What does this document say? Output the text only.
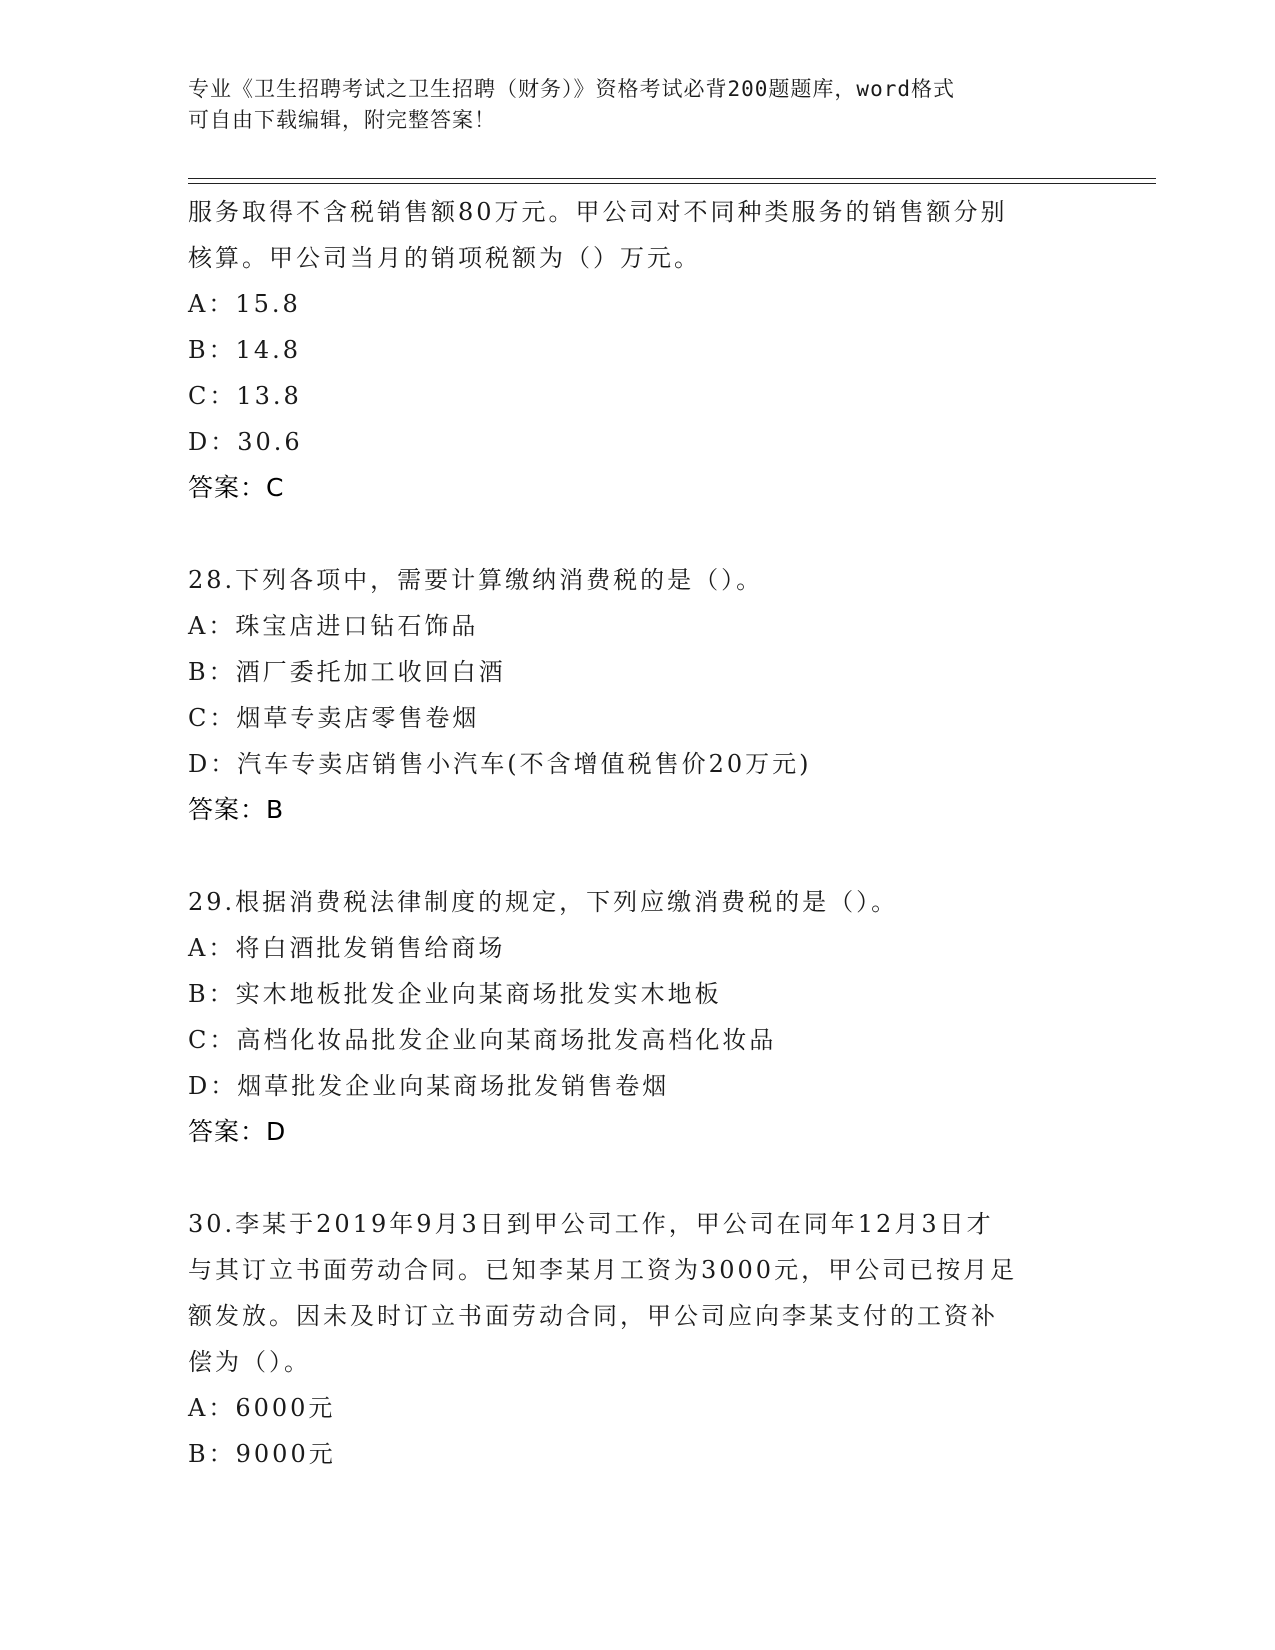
专业《卫生招聘考试之卫生招聘（财务）》资格考试必背200题题库，word格式
可自由下载编辑，附完整答案！
服务取得不含税销售额80万元。甲公司对不同种类服务的销售额分别
核算。甲公司当月的销项税额为（）万元。
A：15.8
B：14.8
C：13.8
D：30.6
答案：C
28.下列各项中，需要计算缴纳消费税的是（）。
A：珠宝店进口钻石饰品
B：酒厂委托加工收回白酒
C：烟草专卖店零售卷烟
D：汽车专卖店销售小汽车(不含增值税售价20万元)
答案：B
29.根据消费税法律制度的规定，下列应缴消费税的是（）。
A：将白酒批发销售给商场
B：实木地板批发企业向某商场批发实木地板
C：高档化妆品批发企业向某商场批发高档化妆品
D：烟草批发企业向某商场批发销售卷烟
答案：D
30.李某于2019年9月3日到甲公司工作，甲公司在同年12月3日才
与其订立书面劳动合同。已知李某月工资为3000元，甲公司已按月足
额发放。因未及时订立书面劳动合同，甲公司应向李某支付的工资补
偿为（）。
A：6000元
B：9000元
